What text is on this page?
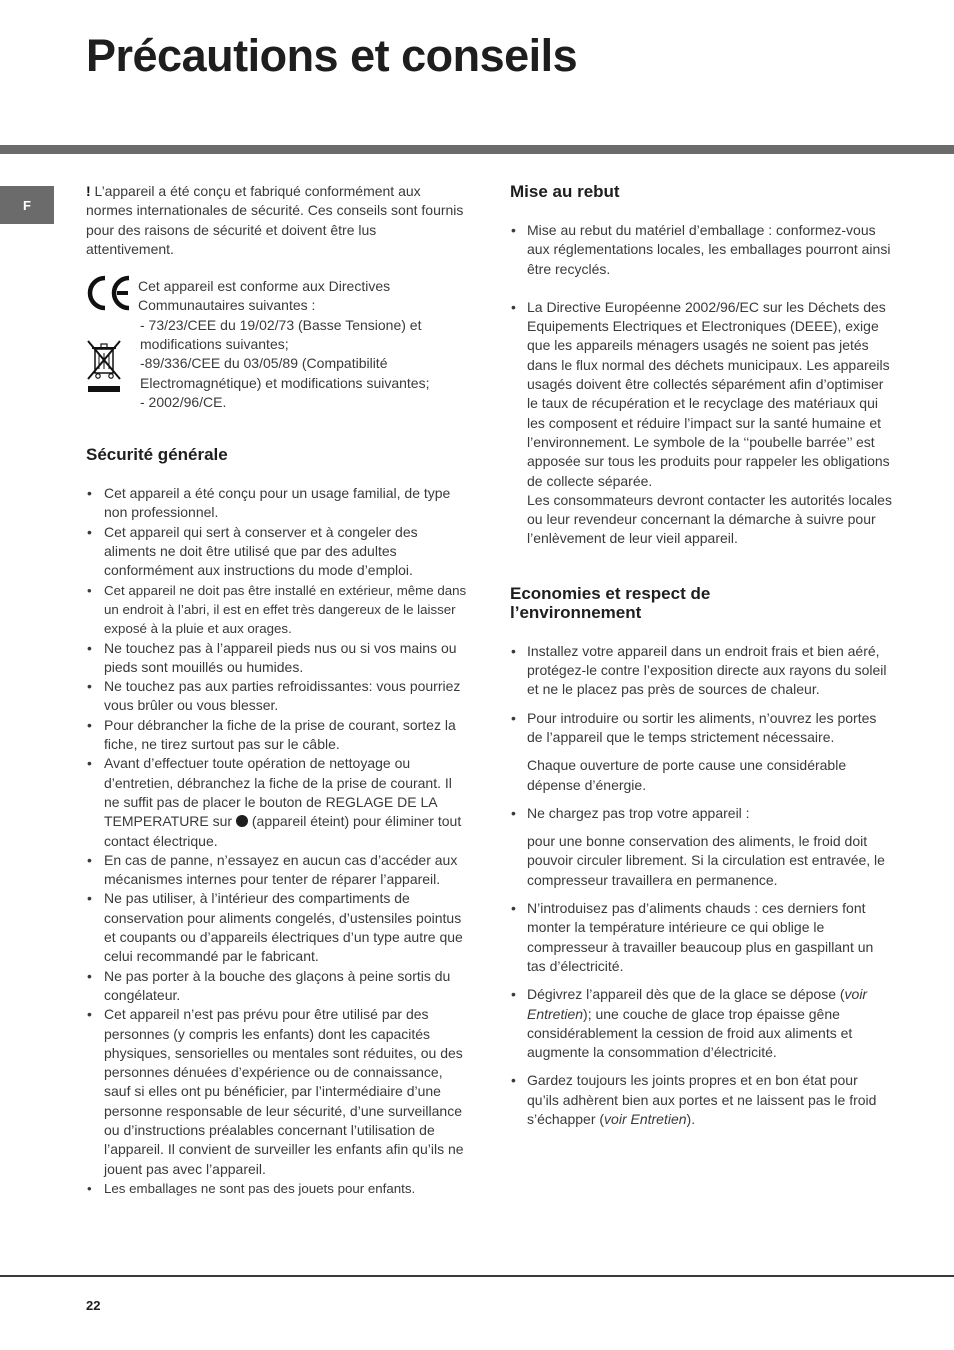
Précautions et conseils
F

! L’appareil a été conçu et fabriqué conformément aux normes internationales de sécurité. Ces conseils sont fournis pour des raisons de sécurité et doivent être lus attentivement.

Cet appareil est conforme aux Directives
Communautaires suivantes :
- 73/23/CEE du 19/02/73 (Basse Tensione) et
modifications suivantes;
-89/336/CEE du 03/05/89 (Compatibilité
Electromagnétique) et modifications suivantes;
- 2002/96/CE.
Sécurité générale
• Cet appareil a été conçu pour un usage familial, de type non professionnel.
• Cet appareil qui sert à conserver et à congeler des aliments ne doit être utilisé que par des adultes conformément aux instructions du mode d’emploi.
• Cet appareil ne doit pas être installé en extérieur, même dans un endroit à l’abri, il est en effet très dangereux de le laisser exposé à la pluie et aux orages.
• Ne touchez pas à l’appareil pieds nus ou si vos mains ou pieds sont mouillés ou humides.
• Ne touchez pas aux parties refroidissantes: vous pourriez vous brûler ou vous blesser.
• Pour débrancher la fiche de la prise de courant, sortez la fiche, ne tirez surtout pas sur le câble.
• Avant d’effectuer toute opération de nettoyage ou d’entretien, débranchez la fiche de la prise de courant. Il ne suffit pas de placer le bouton de REGLAGE DE LA TEMPERATURE sur  (appareil éteint) pour éliminer tout contact électrique.
• En cas de panne, n’essayez en aucun cas d’accéder aux mécanismes internes pour tenter de réparer l’appareil.
• Ne pas utiliser, à l’intérieur des compartiments de conservation pour aliments congelés, d’ustensiles pointus et coupants ou d’appareils électriques d’un type autre que celui recommandé par le fabricant.
• Ne pas porter à la bouche des glaçons à peine sortis du congélateur.
• Cet appareil n’est pas prévu pour être utilisé par des personnes (y compris les enfants) dont les capacités physiques, sensorielles ou mentales sont réduites, ou des personnes dénuées d’expérience ou de connaissance, sauf si elles ont pu bénéficier, par l’intermédiaire d’une personne responsable de leur sécurité, d’une surveillance ou d’instructions préalables concernant l’utilisation de l’appareil. Il convient de surveiller les enfants afin qu’ils ne jouent pas avec l’appareil.
• Les emballages ne sont pas des jouets pour enfants.
Mise au rebut
• Mise au rebut du matériel d’emballage : conformez-vous aux réglementations locales, les emballages pourront ainsi être recyclés.
• La Directive Européenne 2002/96/EC sur les Déchets des Equipements Electriques et Electroniques (DEEE), exige que les appareils ménagers usagés ne soient pas jetés dans le flux normal des déchets municipaux. Les appareils usagés doivent être collectés séparément afin d’optimiser le taux de récupération et le recyclage des matériaux qui les composent et réduire l’impact sur la santé humaine et l’environnement. Le symbole de la ‘‘poubelle barrée’’ est apposée sur tous les produits pour rappeler les obligations de collecte séparée.
Les consommateurs devront contacter les autorités locales ou leur revendeur concernant la démarche à suivre pour l’enlèvement de leur vieil appareil.
Economies et respect de
l’environnement
• Installez votre appareil dans un endroit frais et bien aéré, protégez-le contre l’exposition directe aux rayons du soleil et ne le placez pas près de sources de chaleur.
• Pour introduire ou sortir les aliments, n’ouvrez les portes de l’appareil que le temps strictement nécessaire.

Chaque ouverture de porte cause une considérable dépense d’énergie.

• Ne chargez pas trop votre appareil :

pour une bonne conservation des aliments, le froid doit pouvoir circuler librement. Si la circulation est entravée, le compresseur travaillera en permanence.

• N’introduisez pas d’aliments chauds : ces derniers font monter la température intérieure ce qui oblige le compresseur à travailler beaucoup plus en gaspillant un tas d’électricité.
• Dégivrez l’appareil dès que de la glace se dépose (voir Entretien); une couche de glace trop épaisse gêne considérablement la cession de froid aux aliments et augmente la consommation d’électricité.
• Gardez toujours les joints propres et en bon état pour qu’ils adhèrent bien aux portes et ne laissent pas le froid s’échapper (voir Entretien).
22
